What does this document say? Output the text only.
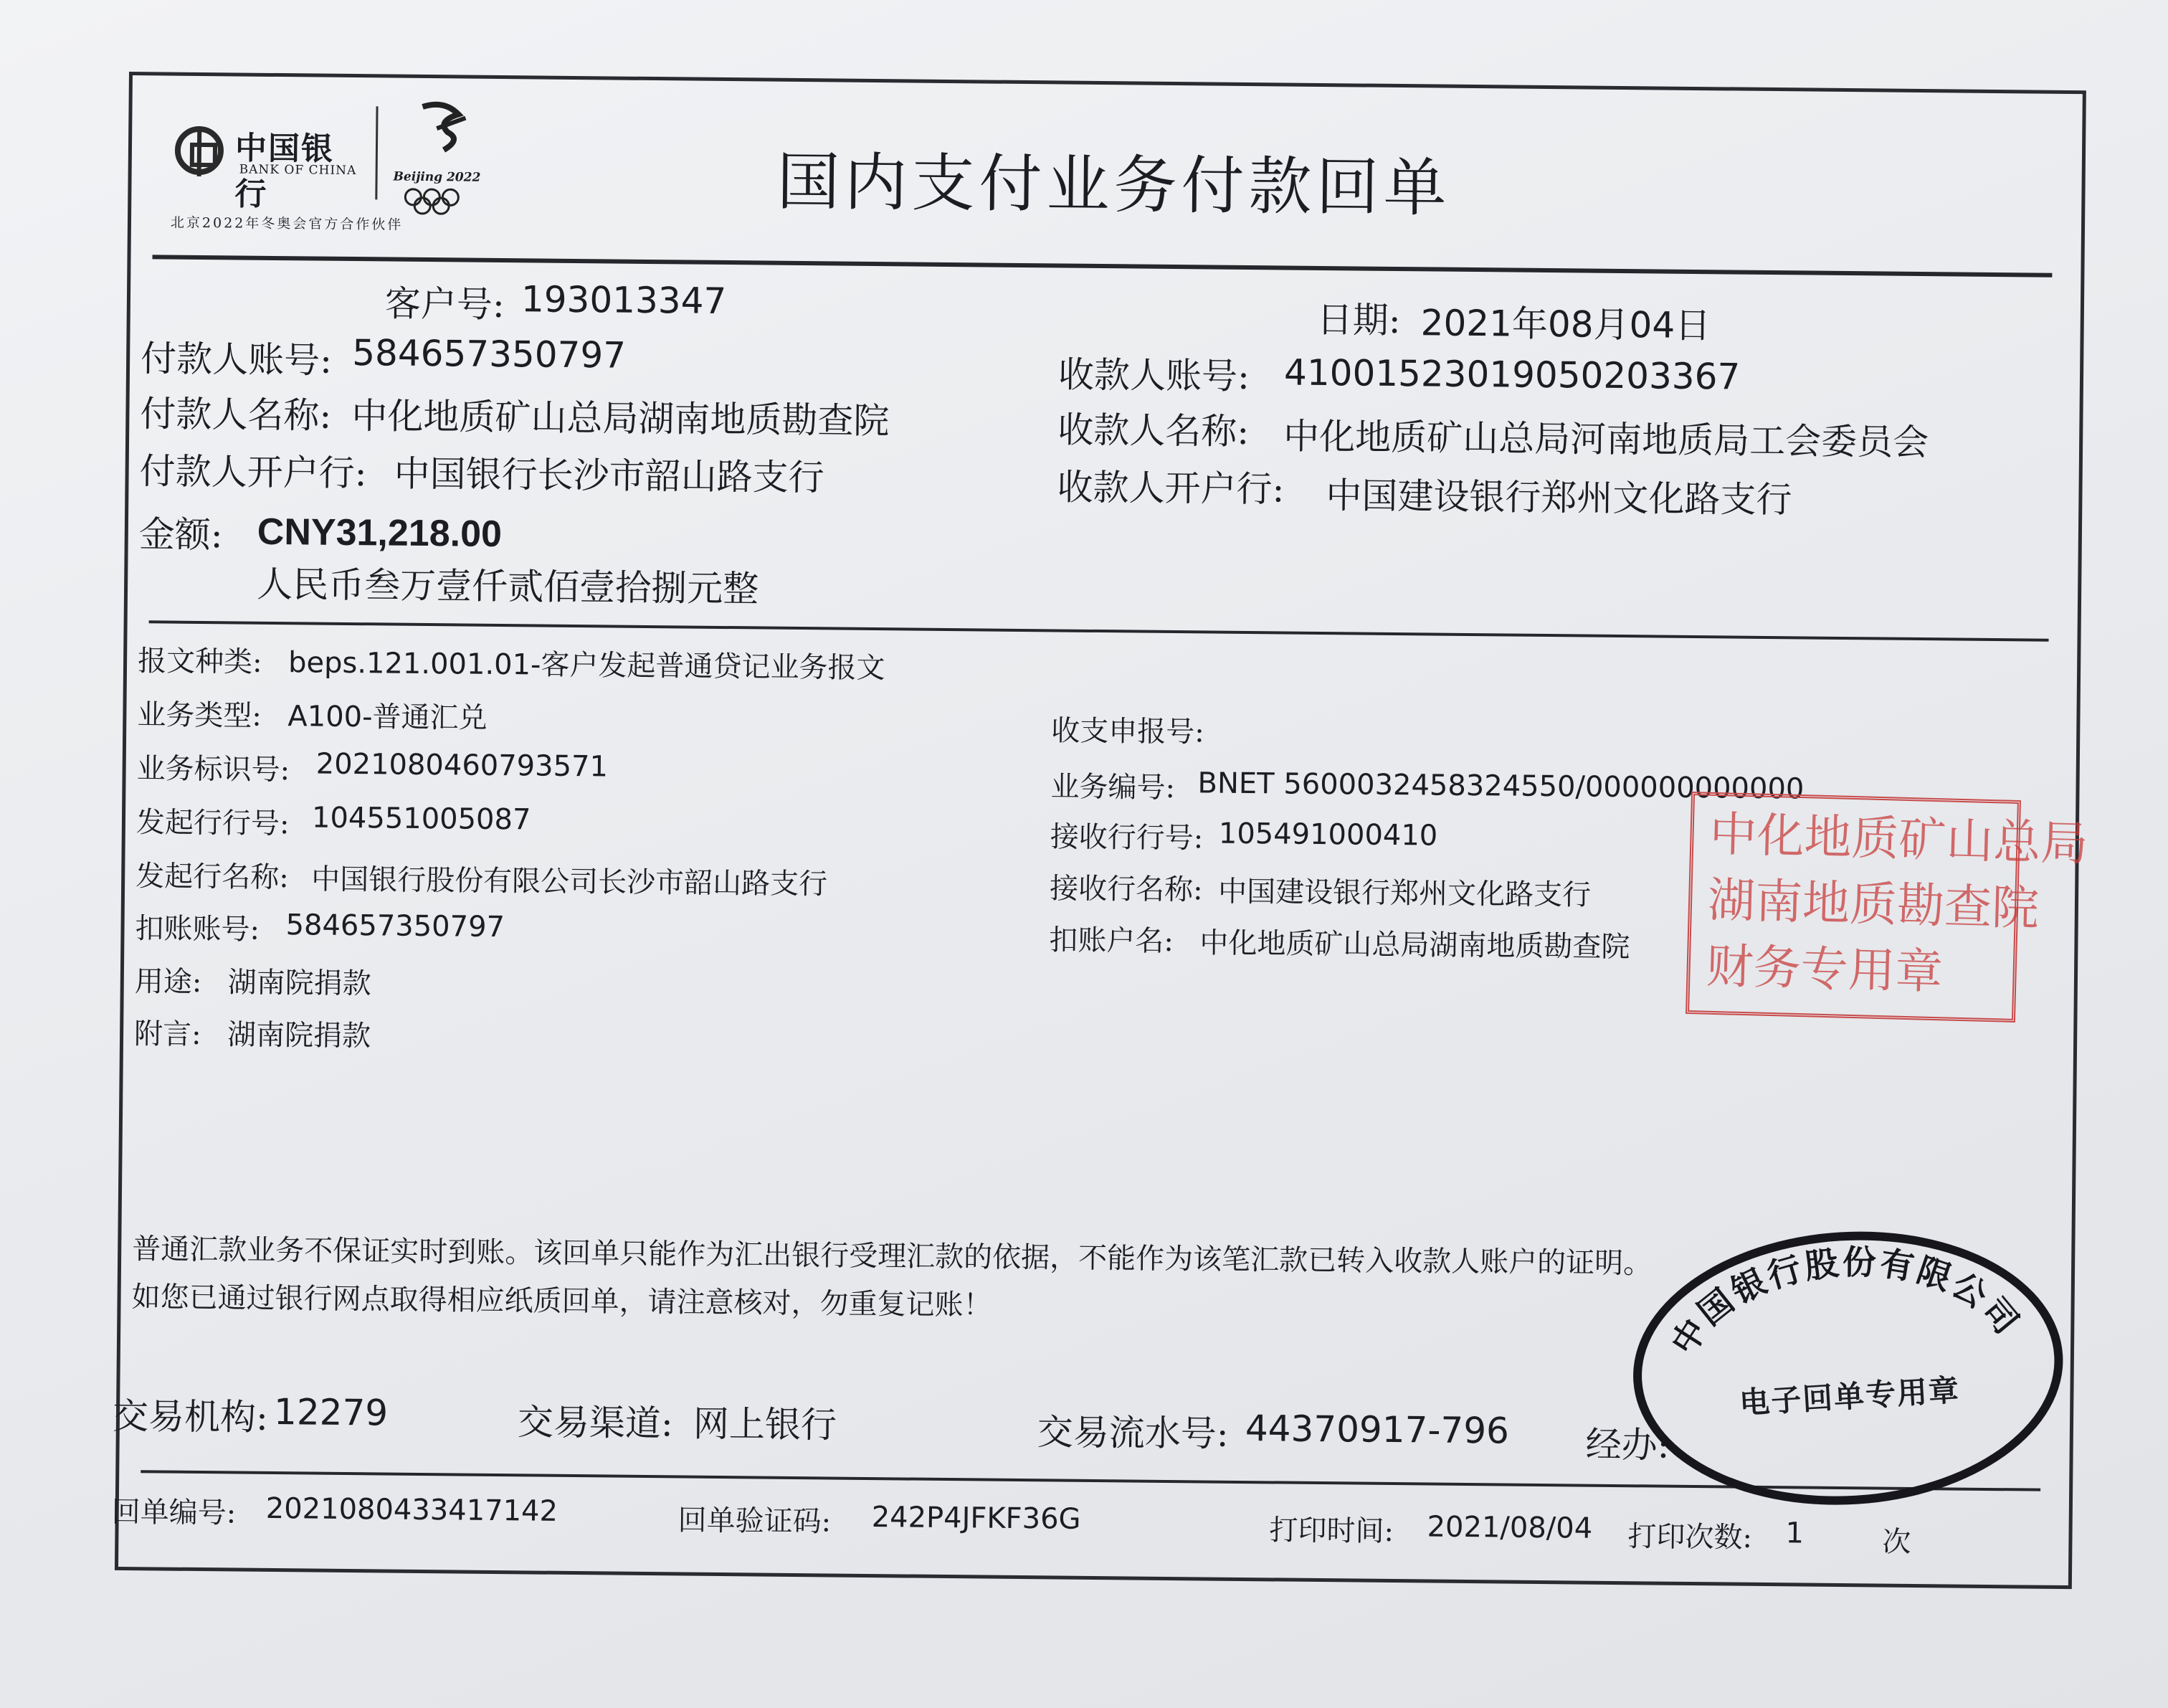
中国银行
BANK OF CHINA	Beijing 2022
北京2022年冬奥会官方合作伙伴	国内支付业务付款回单
客户号: 193013347	日期: 2021年08月04日
付款人账号: 584657350797	收款人账号: 41001523019050203367
付款人名称: 中化地质矿山总局湖南地质勘查院	收款人名称: 中化地质矿山总局河南地质局工会委员会
付款人开户行: 中国银行长沙市韶山路支行	收款人开户行: 中国建设银行郑州文化路支行
金额: CNY31,218.00
人民币叁万壹仟贰佰壹拾捌元整
报文种类: beps.121.001.01-客户发起普通贷记业务报文
业务类型: A100-普通汇兑	收支申报号:
业务标识号: 2021080460793571
业务编号: BNET 5600032458324550/000000000000
发起行行号: 104551005087
接收行行号: 105491000410
发起行名称: 中国银行股份有限公司长沙市韶山路支行	接收行名称: 中国建设银行郑州文化路支行
扣账账号: 584657350797	扣账户名: 中化地质矿山总局湖南地质勘查院
用途: 湖南院捐款
附言: 湖南院捐款
普通汇款业务不保证实时到账。该回单只能作为汇出银行受理汇款的依据，不能作为该笔汇款已转入收款人账户的证明。
如您已通过银行网点取得相应纸质回单，请注意核对，勿重复记账！
交易机构: 12279	交易渠道: 网上银行	交易流水号: 44370917-796 经办:
回单编号: 2021080433417142	回单验证码: 242P4JFKF36G	打印时间: 2021/08/04 打印次数: 1	次
中国银行股份有限公司
电子回单专用章
中化地质矿山总局
湖南地质勘查院
财务专用章
